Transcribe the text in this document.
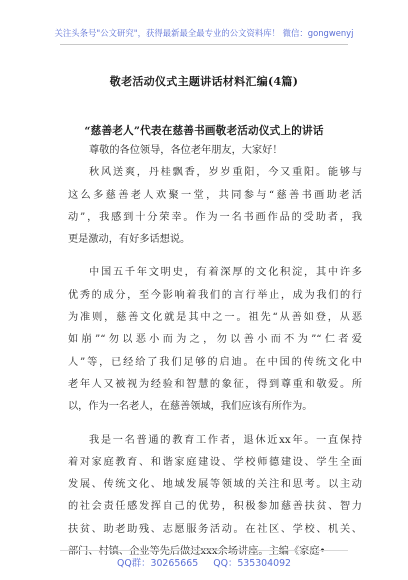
关注头条号"公文研究"，获得最新最全最专业的公文资料库！ 微信：gongwenyj
敬老活动仪式主题讲话材料汇编(4篇)
“慈善老人”代表在慈善书画敬老活动仪式上的讲话
尊敬的各位领导，各位老年朋友，大家好！
秋风送爽，丹桂飘香，岁岁重阳，今又重阳。能够与
这么多慈善老人欢聚一堂，共同参与“慈善书画助老活
动”，我感到十分荣幸。作为一名书画作品的受助者，我
更是激动，有好多话想说。
中国五千年文明史，有着深厚的文化积淀，其中许多
优秀的成分，至今影响着我们的言行举止，成为我们的行
为准则，慈善文化就是其中之一。祖先“从善如登，从恶
如崩”“勿以恶小而为之，勿以善小而不为”“仁者爱
人”等，已经给了我们足够的启迪。在中国的传统文化中
老年人又被视为经验和智慧的象征，得到尊重和敬爱。所
以，作为一名老人，在慈善领域，我们应该有所作为。
我是一名普通的教育工作者，退休近xx年。一直保持
着对家庭教育、和谐家庭建设、学校师德建设、学生全面
发展、传统文化、地域发展等领域的关注和思考。以主动
的社会责任感发挥自己的优势，积极参加慈善扶贫、智力
扶贫、助老助残、志愿服务活动。在社区、学校、机关、
部门、村镇、企业等先后做过xxx余场讲座。主编《家庭•
QQ群：30265665 QQ：535304092
